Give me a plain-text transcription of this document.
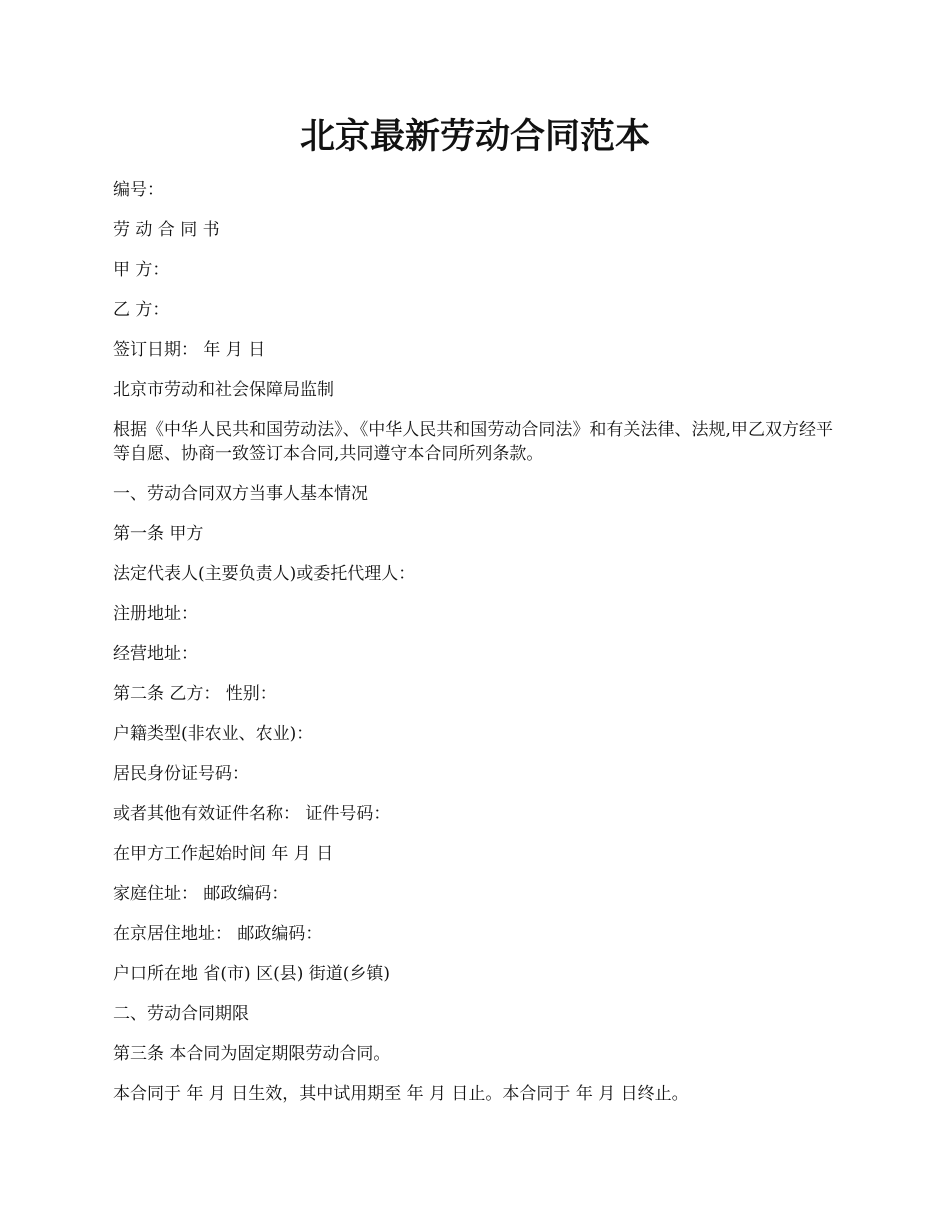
北京最新劳动合同范本

编号：

劳 动 合 同 书

甲 方：

乙 方：

签订日期： 年 月 日

北京市劳动和社会保障局监制

根据《中华人民共和国劳动法》、《中华人民共和国劳动合同法》和有关法律、法规,甲乙双方经平等自愿、协商一致签订本合同,共同遵守本合同所列条款。

一、劳动合同双方当事人基本情况

第一条 甲方

法定代表人(主要负责人)或委托代理人：

注册地址：

经营地址：

第二条 乙方： 性别：

户籍类型(非农业、农业)：

居民身份证号码：

或者其他有效证件名称： 证件号码：

在甲方工作起始时间 年 月 日

家庭住址： 邮政编码：

在京居住地址： 邮政编码：

户口所在地 省(市) 区(县) 街道(乡镇)

二、劳动合同期限

第三条 本合同为固定期限劳动合同。

本合同于 年 月 日生效，其中试用期至 年 月 日止。本合同于 年 月 日终止。
